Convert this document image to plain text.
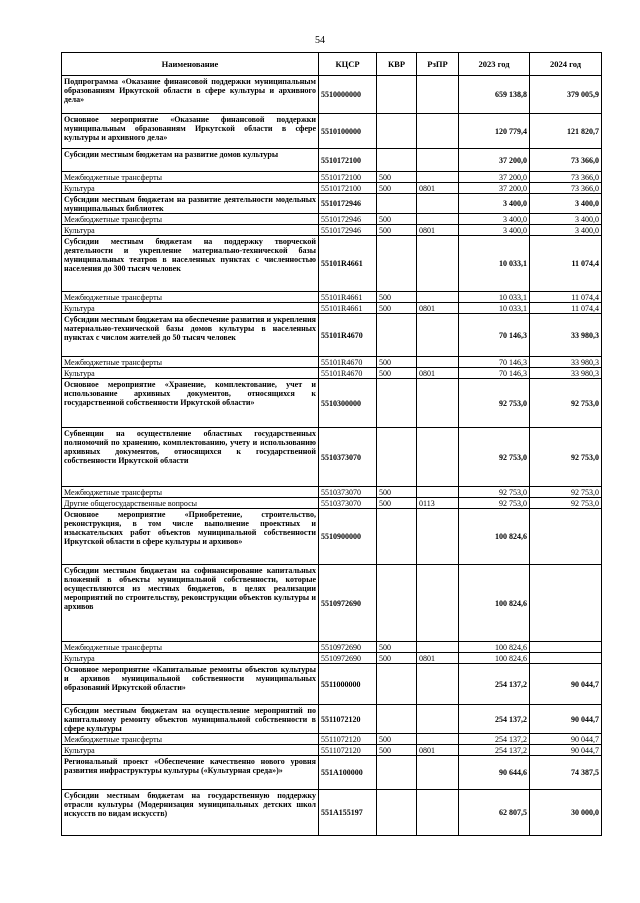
54
Наименование	КЦСР	КВР	РзПР	2023 год	2024 год
Подпрограмма «Оказание финансовой поддержки муниципальным образованиям Иркутской области в сфере культуры и архивного дела»	5510000000			659 138,8	379 005,9
Основное мероприятие «Оказание финансовой поддержки муниципальным образованиям Иркутской области в сфере культуры и архивного дела»	5510100000			120 779,4	121 820,7
Субсидии местным бюджетам на развитие домов культуры	5510172100			37 200,0	73 366,0
Межбюджетные трансферты	5510172100	500		37 200,0	73 366,0
Культура	5510172100	500	0801	37 200,0	73 366,0
Субсидии местным бюджетам на развитие деятельности модельных муниципальных библиотек	5510172946			3 400,0	3 400,0
Межбюджетные трансферты	5510172946	500		3 400,0	3 400,0
Культура	5510172946	500	0801	3 400,0	3 400,0
Субсидии местным бюджетам на поддержку творческой деятельности и укрепление материально-технической базы муниципальных театров в населенных пунктах с численностью населения до 300 тысяч человек	55101R4661			10 033,1	11 074,4
Межбюджетные трансферты	55101R4661	500		10 033,1	11 074,4
Культура	55101R4661	500	0801	10 033,1	11 074,4
Субсидии местным бюджетам на обеспечение развития и укрепления материально-технической базы домов культуры в населенных пунктах с числом жителей до 50 тысяч человек	55101R4670			70 146,3	33 980,3
Межбюджетные трансферты	55101R4670	500		70 146,3	33 980,3
Культура	55101R4670	500	0801	70 146,3	33 980,3
Основное мероприятие «Хранение, комплектование, учет и использование архивных документов, относящихся к государственной собственности Иркутской области»	5510300000			92 753,0	92 753,0
Субвенции на осуществление областных государственных полномочий по хранению, комплектованию, учету и использованию архивных документов, относящихся к государственной собственности Иркутской области	5510373070			92 753,0	92 753,0
Межбюджетные трансферты	5510373070	500		92 753,0	92 753,0
Другие общегосударственные вопросы	5510373070	500	0113	92 753,0	92 753,0
Основное мероприятие «Приобретение, строительство, реконструкция, в том числе выполнение проектных и изыскательских работ объектов муниципальной собственности Иркутской области в сфере культуры и архивов»	5510900000			100 824,6	
Субсидии местным бюджетам на софинансирование капитальных вложений в объекты муниципальной собственности, которые осуществляются из местных бюджетов, в целях реализации мероприятий по строительству, реконструкции объектов культуры и архивов	5510972690			100 824,6	
Межбюджетные трансферты	5510972690	500		100 824,6	
Культура	5510972690	500	0801	100 824,6	
Основное мероприятие «Капитальные ремонты объектов культуры и архивов муниципальной собственности муниципальных образований Иркутской области»	5511000000			254 137,2	90 044,7
Субсидии местным бюджетам на осуществление мероприятий по капитальному ремонту объектов муниципальной собственности в сфере культуры	5511072120			254 137,2	90 044,7
Межбюджетные трансферты	5511072120	500		254 137,2	90 044,7
Культура	5511072120	500	0801	254 137,2	90 044,7
Региональный проект «Обеспечение качественно нового уровня развития инфраструктуры культуры («Культурная среда»)»	551A100000			90 644,6	74 387,5
Субсидии местным бюджетам на государственную поддержку отрасли культуры (Модернизация муниципальных детских школ искусств по видам искусств)	551A155197			62 807,5	30 000,0
